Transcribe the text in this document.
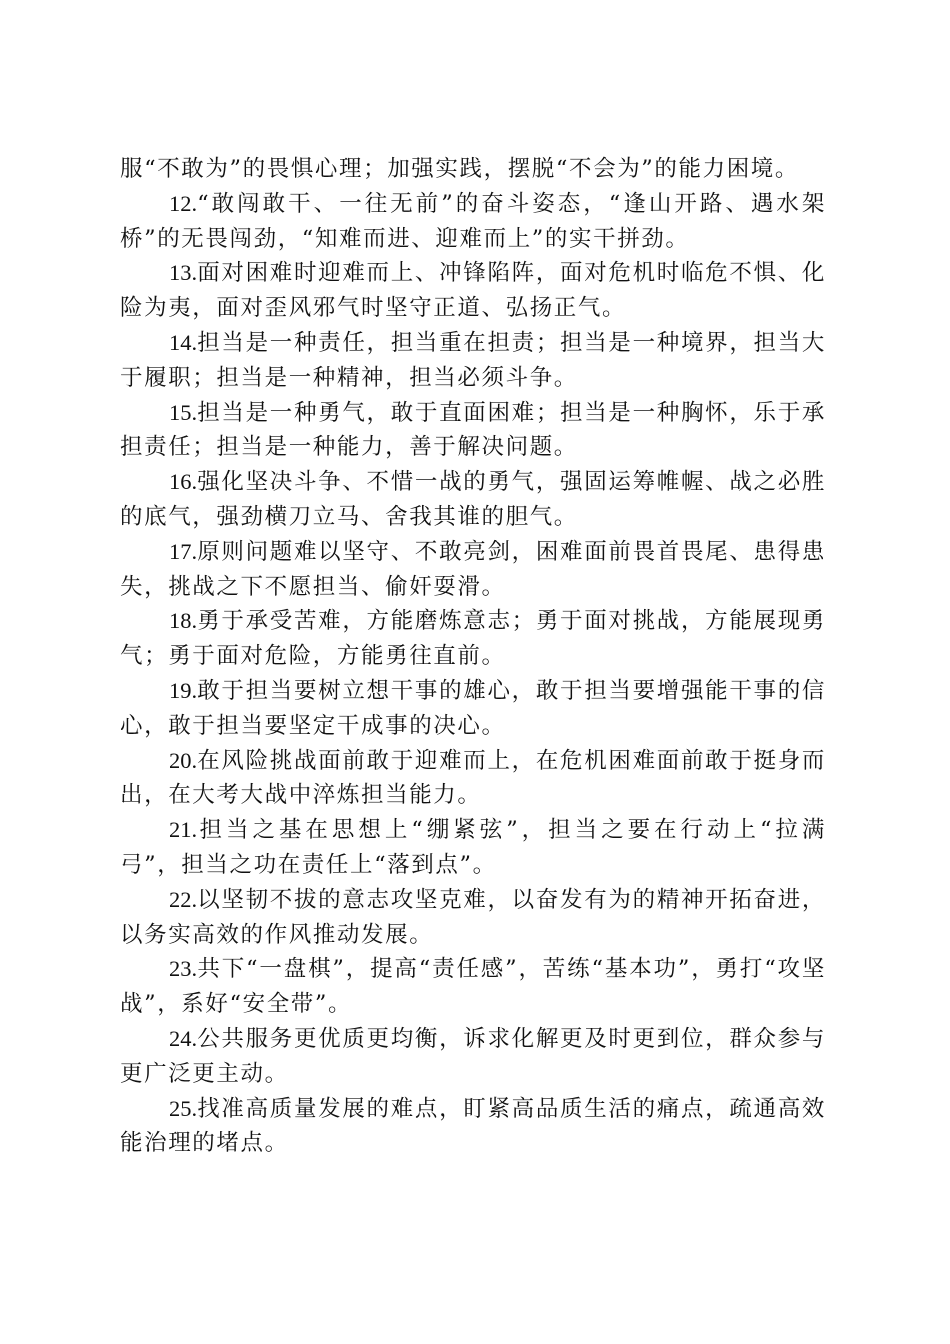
服“不敢为”的畏惧心理；加强实践，摆脱“不会为”的能力困境。

12.“敢闯敢干、一往无前”的奋斗姿态，“逢山开路、遇水架桥”的无畏闯劲，“知难而进、迎难而上”的实干拼劲。

13.面对困难时迎难而上、冲锋陷阵，面对危机时临危不惧、化险为夷，面对歪风邪气时坚守正道、弘扬正气。

14.担当是一种责任，担当重在担责；担当是一种境界，担当大于履职；担当是一种精神，担当必须斗争。

15.担当是一种勇气，敢于直面困难；担当是一种胸怀，乐于承担责任；担当是一种能力，善于解决问题。

16.强化坚决斗争、不惜一战的勇气，强固运筹帷幄、战之必胜的底气，强劲横刀立马、舍我其谁的胆气。

17.原则问题难以坚守、不敢亮剑，困难面前畏首畏尾、患得患失，挑战之下不愿担当、偷奸耍滑。

18.勇于承受苦难，方能磨炼意志；勇于面对挑战，方能展现勇气；勇于面对危险，方能勇往直前。

19.敢于担当要树立想干事的雄心，敢于担当要增强能干事的信心，敢于担当要坚定干成事的决心。

20.在风险挑战面前敢于迎难而上，在危机困难面前敢于挺身而出，在大考大战中淬炼担当能力。

21.担当之基在思想上“绷紧弦”，担当之要在行动上“拉满弓”，担当之功在责任上“落到点”。

22.以坚韧不拔的意志攻坚克难，以奋发有为的精神开拓奋进，以务实高效的作风推动发展。

23.共下“一盘棋”，提高“责任感”，苦练“基本功”，勇打“攻坚战”，系好“安全带”。

24.公共服务更优质更均衡，诉求化解更及时更到位，群众参与更广泛更主动。

25.找准高质量发展的难点，盯紧高品质生活的痛点，疏通高效能治理的堵点。
